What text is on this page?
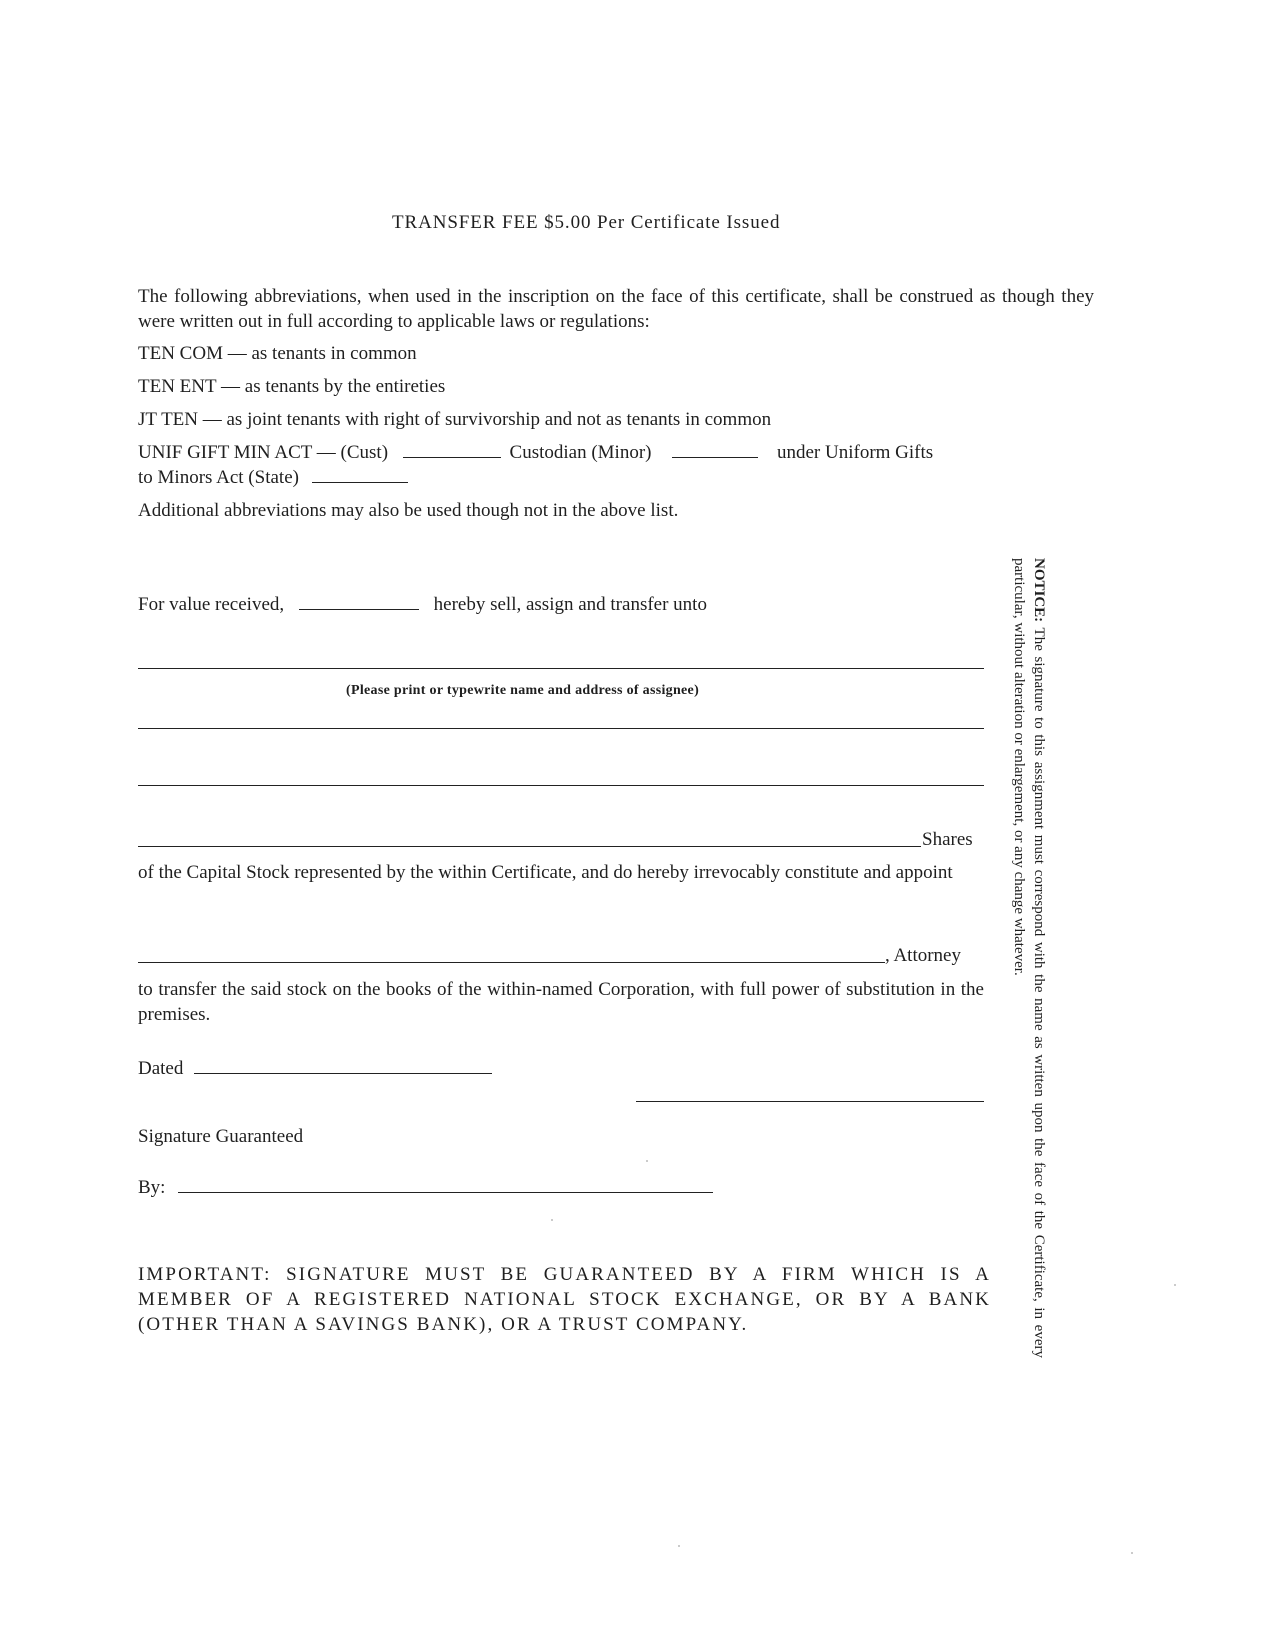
TRANSFER FEE $5.00 Per Certificate Issued
The following abbreviations, when used in the inscription on the face of this certificate, shall be construed as though they were written out in full according to applicable laws or regulations:
TEN COM — as tenants in common
TEN ENT — as tenants by the entireties
JT TEN — as joint tenants with right of survivorship and not as tenants in common
UNIF GIFT MIN ACT — (Cust)	Custodian (Minor)	under Uniform Gifts
to Minors Act (State)
Additional abbreviations may also be used though not in the above list.
For value received,	hereby sell, assign and transfer unto
(Please print or typewrite name and address of assignee)
Shares
of the Capital Stock represented by the within Certificate, and do hereby irrevocably constitute and appoint
, Attorney
to transfer the said stock on the books of the within-named Corporation, with full power of substitution in the premises.
Dated
Signature Guaranteed
By:
IMPORTANT: SIGNATURE MUST BE GUARANTEED BY A FIRM WHICH IS A MEMBER OF A REGISTERED NATIONAL STOCK EXCHANGE, OR BY A BANK (OTHER THAN A SAVINGS BANK), OR A TRUST COMPANY.
NOTICE: The signature to this assignment must correspond with the name as written upon the face of the Certificate, in every particular, without alteration or enlargement, or any change whatever.
